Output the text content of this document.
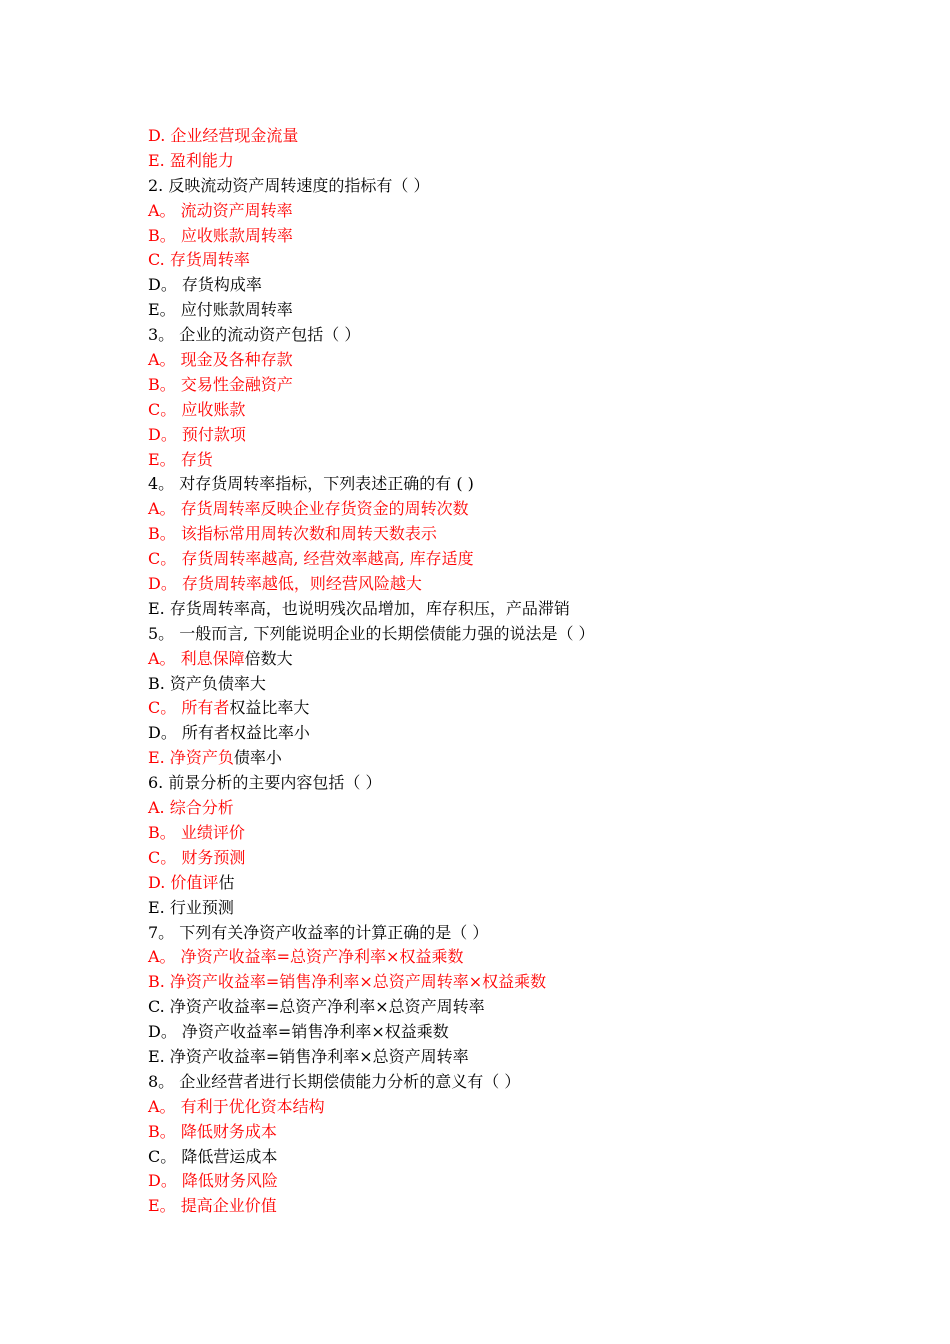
D. 企业经营现金流量
E. 盈利能力
2. 反映流动资产周转速度的指标有（ ）
A。 流动资产周转率
B。 应收账款周转率
C. 存货周转率
D。 存货构成率
E。 应付账款周转率
3。 企业的流动资产包括（ ）
A。 现金及各种存款
B。 交易性金融资产
C。 应收账款
D。 预付款项
E。 存货
4。 对存货周转率指标，下列表述正确的有 ( )
A。 存货周转率反映企业存货资金的周转次数
B。 该指标常用周转次数和周转天数表示
C。 存货周转率越高, 经营效率越高, 库存适度
D。 存货周转率越低，则经营风险越大
E. 存货周转率高，也说明残次品增加，库存积压，产品滞销
5。 一般而言, 下列能说明企业的长期偿债能力强的说法是（ ）
A。 利息保障倍数大
B. 资产负债率大
C。 所有者权益比率大
D。 所有者权益比率小
E. 净资产负债率小
6. 前景分析的主要内容包括（ ）
A. 综合分析
B。 业绩评价
C。 财务预测
D. 价值评估
E. 行业预测
7。 下列有关净资产收益率的计算正确的是（ ）
A。 净资产收益率=总资产净利率×权益乘数
B. 净资产收益率=销售净利率×总资产周转率×权益乘数
C. 净资产收益率=总资产净利率×总资产周转率
D。 净资产收益率=销售净利率×权益乘数
E. 净资产收益率=销售净利率×总资产周转率
8。 企业经营者进行长期偿债能力分析的意义有（ ）
A。 有利于优化资本结构
B。 降低财务成本
C。 降低营运成本
D。 降低财务风险
E。 提高企业价值
